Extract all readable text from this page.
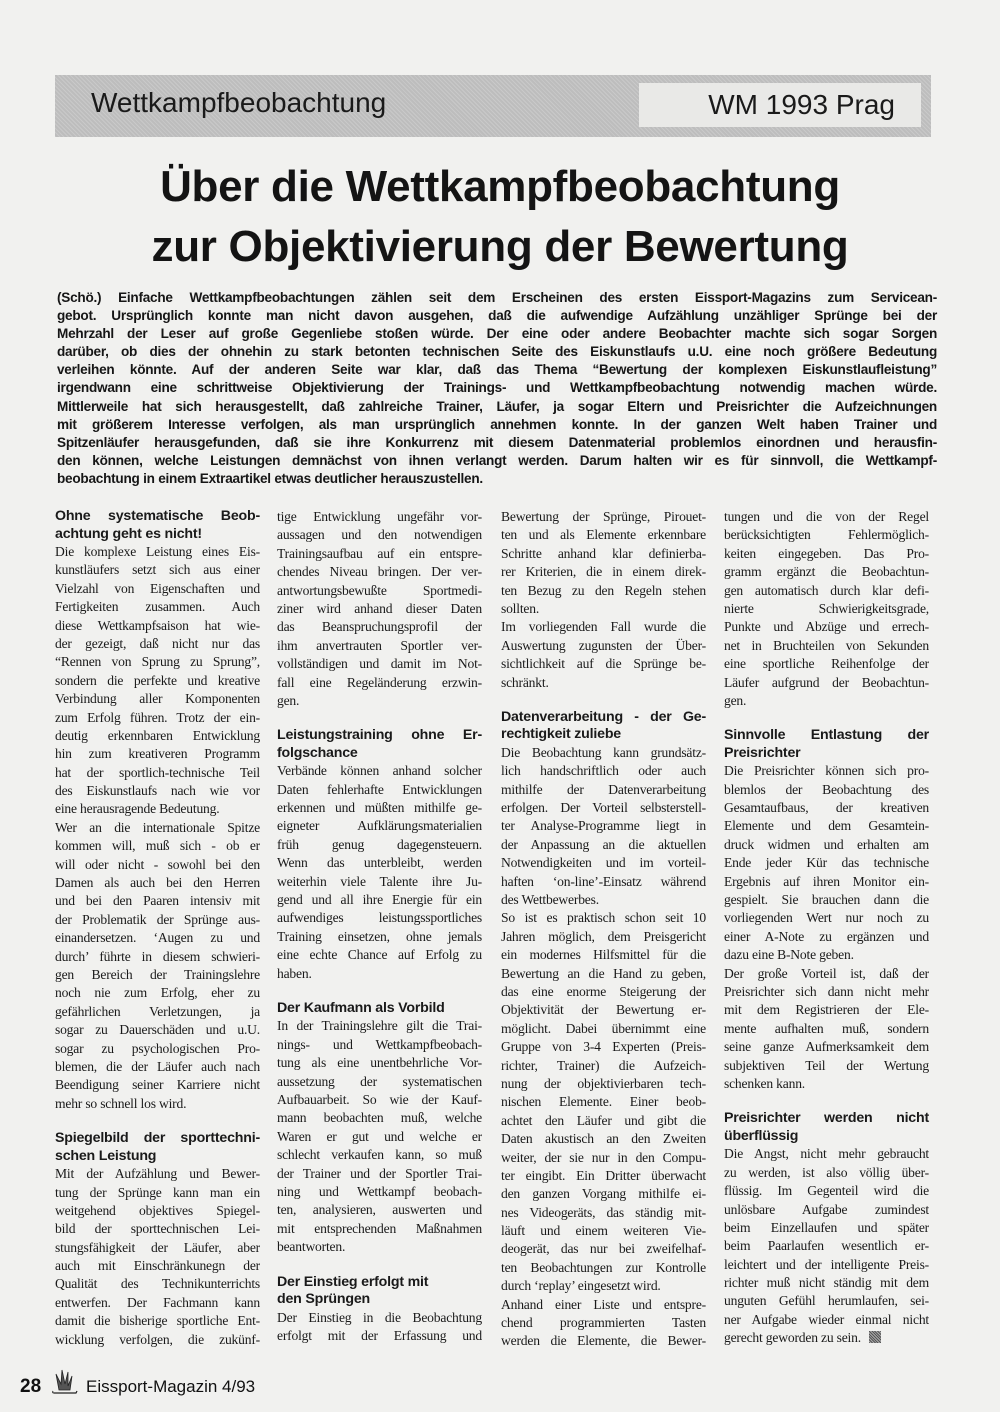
Wettkampfbeobachtung	WM 1993 Prag
Über die Wettkampfbeobachtung
zur Objektivierung der Bewertung
(Schö.) Einfache Wettkampfbeobachtungen zählen seit dem Erscheinen des ersten Eissport-Magazins zum Servicean-
gebot. Ursprünglich konnte man nicht davon ausgehen, daß die aufwendige Aufzählung unzähliger Sprünge bei der
Mehrzahl der Leser auf große Gegenliebe stoßen würde. Der eine oder andere Beobachter machte sich sogar Sorgen
darüber, ob dies der ohnehin zu stark betonten technischen Seite des Eiskunstlaufs u.U. eine noch größere Bedeutung
verleihen könnte. Auf der anderen Seite war klar, daß das Thema “Bewertung der komplexen Eiskunstlaufleistung”
irgendwann eine schrittweise Objektivierung der Trainings- und Wettkampfbeobachtung notwendig machen würde.
Mittlerweile hat sich herausgestellt, daß zahlreiche Trainer, Läufer, ja sogar Eltern und Preisrichter die Aufzeichnungen
mit größerem Interesse verfolgen, als man ursprünglich annehmen konnte. In der ganzen Welt haben Trainer und
Spitzenläufer herausgefunden, daß sie ihre Konkurrenz mit diesem Datenmaterial problemlos einordnen und herausfin-
den können, welche Leistungen demnächst von ihnen verlangt werden. Darum halten wir es für sinnvoll, die Wettkampf-
beobachtung in einem Extraartikel etwas deutlicher herauszustellen.
Ohne systematische Beob-
achtung geht es nicht!
Die komplexe Leistung eines Eis-
kunstläufers setzt sich aus einer
Vielzahl von Eigenschaften und
Fertigkeiten zusammen. Auch
diese Wettkampfsaison hat wie-
der gezeigt, daß nicht nur das
“Rennen von Sprung zu Sprung”,
sondern die perfekte und kreative
Verbindung aller Komponenten
zum Erfolg führen. Trotz der ein-
deutig erkennbaren Entwicklung
hin zum kreativeren Programm
hat der sportlich-technische Teil
des Eiskunstlaufs nach wie vor
eine herausragende Bedeutung.
Wer an die internationale Spitze
kommen will, muß sich - ob er
will oder nicht - sowohl bei den
Damen als auch bei den Herren
und bei den Paaren intensiv mit
der Problematik der Sprünge aus-
einandersetzen. ‘Augen zu und
durch’ führte in diesem schwieri-
gen Bereich der Trainingslehre
noch nie zum Erfolg, eher zu
gefährlichen Verletzungen, ja
sogar zu Dauerschäden und u.U.
sogar zu psychologischen Pro-
blemen, die der Läufer auch nach
Beendigung seiner Karriere nicht
mehr so schnell los wird.
Spiegelbild der sporttechni-
schen Leistung
Mit der Aufzählung und Bewer-
tung der Sprünge kann man ein
weitgehend objektives Spiegel-
bild der sporttechnischen Lei-
stungsfähigkeit der Läufer, aber
auch mit Einschränkunegn der
Qualität des Technikunterrichts
entwerfen. Der Fachmann kann
damit die bisherige sportliche Ent-
wicklung verfolgen, die zukünf-
tige Entwicklung ungefähr vor-
aussagen und den notwendigen
Trainingsaufbau auf ein entspre-
chendes Niveau bringen. Der ver-
antwortungsbewußte Sportmedi-
ziner wird anhand dieser Daten
das Beanspruchungsprofil der
ihm anvertrauten Sportler ver-
vollständigen und damit im Not-
fall eine Regeländerung erzwin-
gen.
Leistungstraining ohne Er-
folgschance
Verbände können anhand solcher
Daten fehlerhafte Entwicklungen
erkennen und müßten mithilfe ge-
eigneter Aufklärungsmaterialien
früh genug dagegensteuern.
Wenn das unterbleibt, werden
weiterhin viele Talente ihre Ju-
gend und all ihre Energie für ein
aufwendiges leistungssportliches
Training einsetzen, ohne jemals
eine echte Chance auf Erfolg zu
haben.
Der Kaufmann als Vorbild
In der Trainingslehre gilt die Trai-
nings- und Wettkampfbeobach-
tung als eine unentbehrliche Vor-
aussetzung der systematischen
Aufbauarbeit. So wie der Kauf-
mann beobachten muß, welche
Waren er gut und welche er
schlecht verkaufen kann, so muß
der Trainer und der Sportler Trai-
ning und Wettkampf beobach-
ten, analysieren, auswerten und
mit entsprechenden Maßnahmen
beantworten.
Der Einstieg erfolgt mit
den Sprüngen
Der Einstieg in die Beobachtung
erfolgt mit der Erfassung und
Bewertung der Sprünge, Pirouet-
ten und als Elemente erkennbare
Schritte anhand klar definierba-
rer Kriterien, die in einem direk-
ten Bezug zu den Regeln stehen
sollten.
Im vorliegenden Fall wurde die
Auswertung zugunsten der Über-
sichtlichkeit auf die Sprünge be-
schränkt.
Datenverarbeitung - der Ge-
rechtigkeit zuliebe
Die Beobachtung kann grundsätz-
lich handschriftlich oder auch
mithilfe der Datenverarbeitung
erfolgen. Der Vorteil selbsterstell-
ter Analyse-Programme liegt in
der Anpassung an die aktuellen
Notwendigkeiten und im vorteil-
haften ‘on-line’-Einsatz während
des Wettbewerbes.
So ist es praktisch schon seit 10
Jahren möglich, dem Preisgericht
ein modernes Hilfsmittel für die
Bewertung an die Hand zu geben,
das eine enorme Steigerung der
Objektivität der Bewertung er-
möglicht. Dabei übernimmt eine
Gruppe von 3-4 Experten (Preis-
richter, Trainer) die Aufzeich-
nung der objektivierbaren tech-
nischen Elemente. Einer beob-
achtet den Läufer und gibt die
Daten akustisch an den Zweiten
weiter, der sie nur in den Compu-
ter eingibt. Ein Dritter überwacht
den ganzen Vorgang mithilfe ei-
nes Videogeräts, das ständig mit-
läuft und einem weiteren Vie-
deogerät, das nur bei zweifelhaf-
ten Beobachtungen zur Kontrolle
durch ‘replay’ eingesetzt wird.
Anhand einer Liste und entspre-
chend programmierten Tasten
werden die Elemente, die Bewer-
tungen und die von der Regel
berücksichtigten Fehlermöglich-
keiten eingegeben. Das Pro-
gramm ergänzt die Beobachtun-
gen automatisch durch klar defi-
nierte Schwierigkeitsgrade,
Punkte und Abzüge und errech-
net in Bruchteilen von Sekunden
eine sportliche Reihenfolge der
Läufer aufgrund der Beobachtun-
gen.
Sinnvolle Entlastung der
Preisrichter
Die Preisrichter können sich pro-
blemlos der Beobachtung des
Gesamtaufbaus, der kreativen
Elemente und dem Gesamtein-
druck widmen und erhalten am
Ende jeder Kür das technische
Ergebnis auf ihren Monitor ein-
gespielt. Sie brauchen dann die
vorliegenden Wert nur noch zu
einer A-Note zu ergänzen und
dazu eine B-Note geben.
Der große Vorteil ist, daß der
Preisrichter sich dann nicht mehr
mit dem Registrieren der Ele-
mente aufhalten muß, sondern
seine ganze Aufmerksamkeit dem
subjektiven Teil der Wertung
schenken kann.
Preisrichter werden nicht
überflüssig
Die Angst, nicht mehr gebraucht
zu werden, ist also völlig über-
flüssig. Im Gegenteil wird die
unlösbare Aufgabe zumindest
beim Einzellaufen und später
beim Paarlaufen wesentlich er-
leichtert und der intelligente Preis-
richter muß nicht ständig mit dem
unguten Gefühl herumlaufen, sei-
ner Aufgabe wieder einmal nicht
gerecht geworden zu sein.
28	Eissport-Magazin 4/93
